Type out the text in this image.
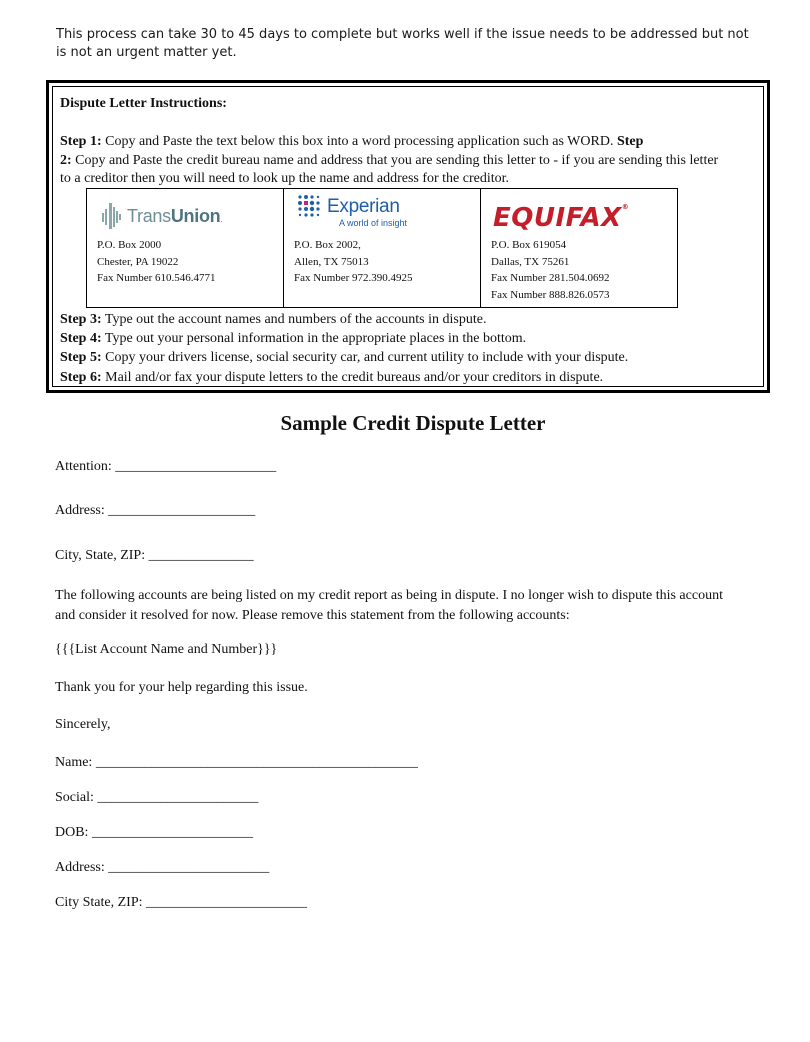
This process can take 30 to 45 days to complete but works well if the issue needs to be addressed but not is not an urgent matter yet.

Dispute Letter Instructions:
Step 1: Copy and Paste the text below this box into a word processing application such as WORD. Step
2: Copy and Paste the credit bureau name and address that you are sending this letter to - if you are sending this letter to a creditor then you will need to look up the name and address for the creditor.
TransUnion.
P.O. Box 2000
Chester, PA 19022
Fax Number 610.546.4771
Experian
A world of insight
P.O. Box 2002,
Allen, TX 75013
Fax Number 972.390.4925
EQUIFAX®
P.O. Box 619054
Dallas, TX 75261
Fax Number 281.504.0692
Fax Number 888.826.0573
Step 3: Type out the account names and numbers of the accounts in dispute.
Step 4: Type out your personal information in the appropriate places in the bottom.
Step 5: Copy your drivers license, social security car, and current utility to include with your dispute.
Step 6: Mail and/or fax your dispute letters to the credit bureaus and/or your creditors in dispute.
Sample Credit Dispute Letter
Attention: _______________________
Address: _____________________
City, State, ZIP: _______________

The following accounts are being listed on my credit report as being in dispute. I no longer wish to dispute this account and consider it resolved for now. Please remove this statement from the following accounts:

{{{List Account Name and Number}}}
Thank you for your help regarding this issue.
Sincerely,
Name: ______________________________________________
Social: _______________________
DOB: _______________________
Address: _______________________
City State, ZIP: _______________________
